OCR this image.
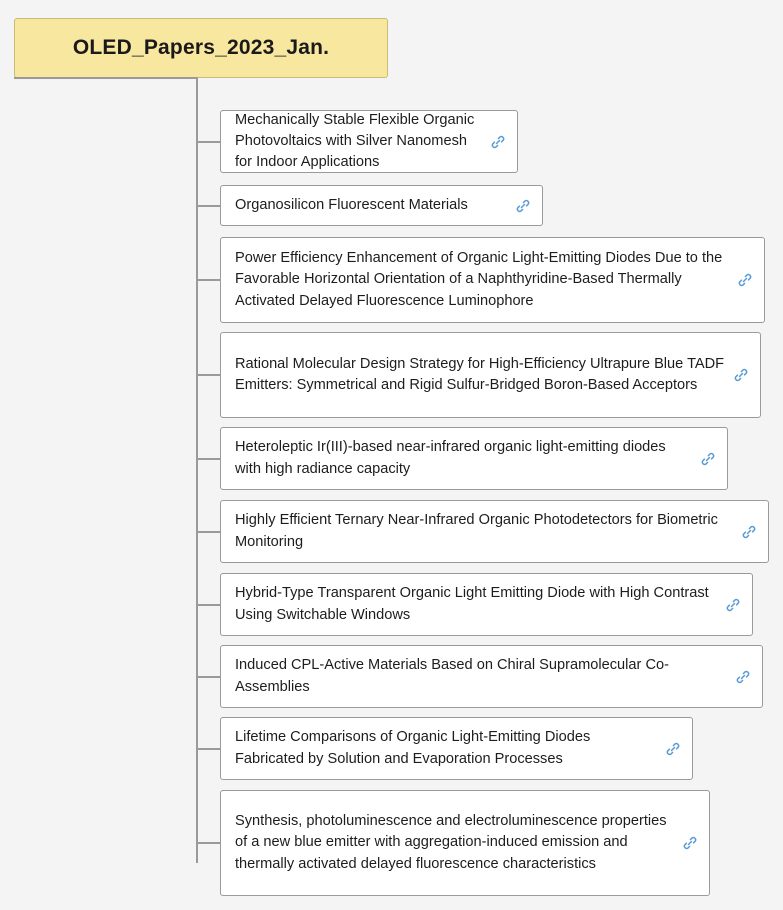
OLED_Papers_2023_Jan.
Mechanically Stable Flexible Organic Photovoltaics with Silver Nanomesh for Indoor Applications
Organosilicon Fluorescent Materials
Power Efficiency Enhancement of Organic Light-Emitting Diodes Due to the Favorable Horizontal Orientation of a Naphthyridine-Based Thermally Activated Delayed Fluorescence Luminophore
Rational Molecular Design Strategy for High-Efficiency Ultrapure Blue TADF Emitters: Symmetrical and Rigid Sulfur-Bridged Boron-Based Acceptors
Heteroleptic Ir(III)-based near-infrared organic light-emitting diodes with high radiance capacity
Highly Efficient Ternary Near-Infrared Organic Photodetectors for Biometric Monitoring
Hybrid-Type Transparent Organic Light Emitting Diode with High Contrast Using Switchable Windows
Induced CPL-Active Materials Based on Chiral Supramolecular Co-Assemblies
Lifetime Comparisons of Organic Light-Emitting Diodes Fabricated by Solution and Evaporation Processes
Synthesis, photoluminescence and electroluminescence properties of a new blue emitter with aggregation-induced emission and thermally activated delayed fluorescence characteristics
